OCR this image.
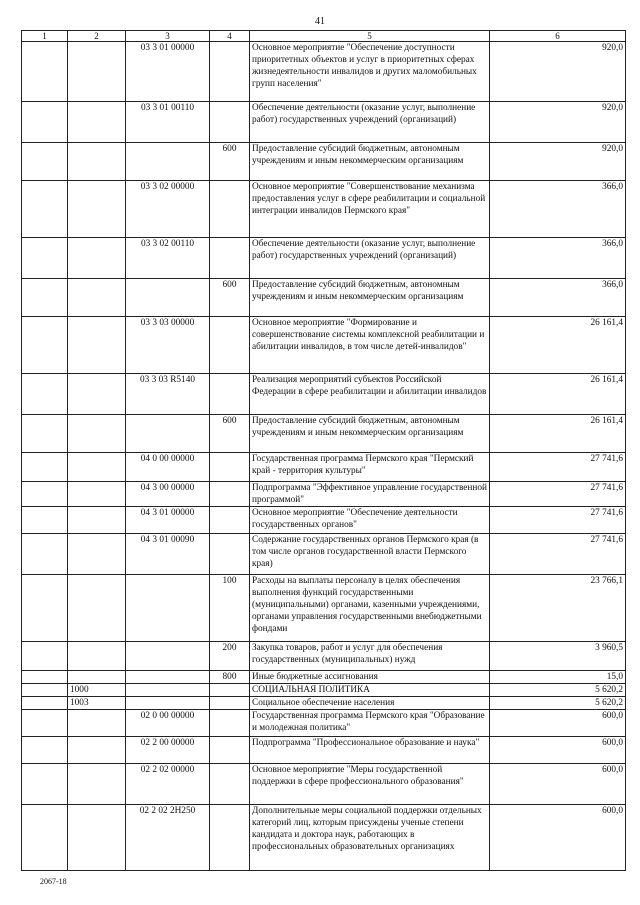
41
1	2	3	4	5	6
		03 3 01 00000		Основное мероприятие "Обеспечение доступности приоритетных объектов и услуг в приоритетных сферах жизнедеятельности инвалидов и других маломобильных групп населения"	920,0
		03 3 01 00110		Обеспечение деятельности (оказание услуг, выполнение работ) государственных учреждений (организаций)	920,0
			600	Предоставление субсидий бюджетным, автономным учреждениям и иным некоммерческим организациям	920,0
		03 3 02 00000		Основное мероприятие "Совершенствование механизма предоставления услуг в сфере реабилитации и социальной интеграции инвалидов Пермского края"	366,0
		03 3 02 00110		Обеспечение деятельности (оказание услуг, выполнение работ) государственных учреждений (организаций)	366,0
			600	Предоставление субсидий бюджетным, автономным учреждениям и иным некоммерческим организациям	366,0
		03 3 03 00000		Основное мероприятие "Формирование и совершенствование системы комплексной реабилитации и абилитации инвалидов, в том числе детей-инвалидов"	26 161,4
		03 3 03 R5140		Реализация мероприятий субъектов Российской Федерации в сфере реабилитации и абилитации инвалидов	26 161,4
			600	Предоставление субсидий бюджетным, автономным учреждениям и иным некоммерческим организациям	26 161,4
		04 0 00 00000		Государственная программа Пермского края "Пермский край - территория культуры"	27 741,6
		04 3 00 00000		Подпрограмма "Эффективное управление государственной программой"	27 741,6
		04 3 01 00000		Основное мероприятие "Обеспечение деятельности государственных органов"	27 741,6
		04 3 01 00090		Содержание государственных органов Пермского края (в том числе органов государственной власти Пермского края)	27 741,6
			100	Расходы на выплаты персоналу в целях обеспечения выполнения функций государственными (муниципальными) органами, казенными учреждениями, органами управления государственными внебюджетными фондами	23 766,1
			200	Закупка товаров, работ и услуг для обеспечения государственных (муниципальных) нужд	3 960,5
			800	Иные бюджетные ассигнования	15,0
	1000			СОЦИАЛЬНАЯ ПОЛИТИКА	5 620,2
	1003			Социальное обеспечение населения	5 620,2
		02 0 00 00000		Государственная программа Пермского края "Образование и молодежная политика"	600,0
		02 2 00 00000		Подпрограмма "Профессиональное образование и наука"	600,0
		02 2 02 00000		Основное мероприятие "Меры государственной поддержки в сфере профессионального образования"	600,0
		02 2 02 2Н250		Дополнительные меры социальной поддержки отдельных категорий лиц, которым присуждены ученые степени кандидата и доктора наук, работающих в профессиональных образовательных организациях	600,0
2067-18
